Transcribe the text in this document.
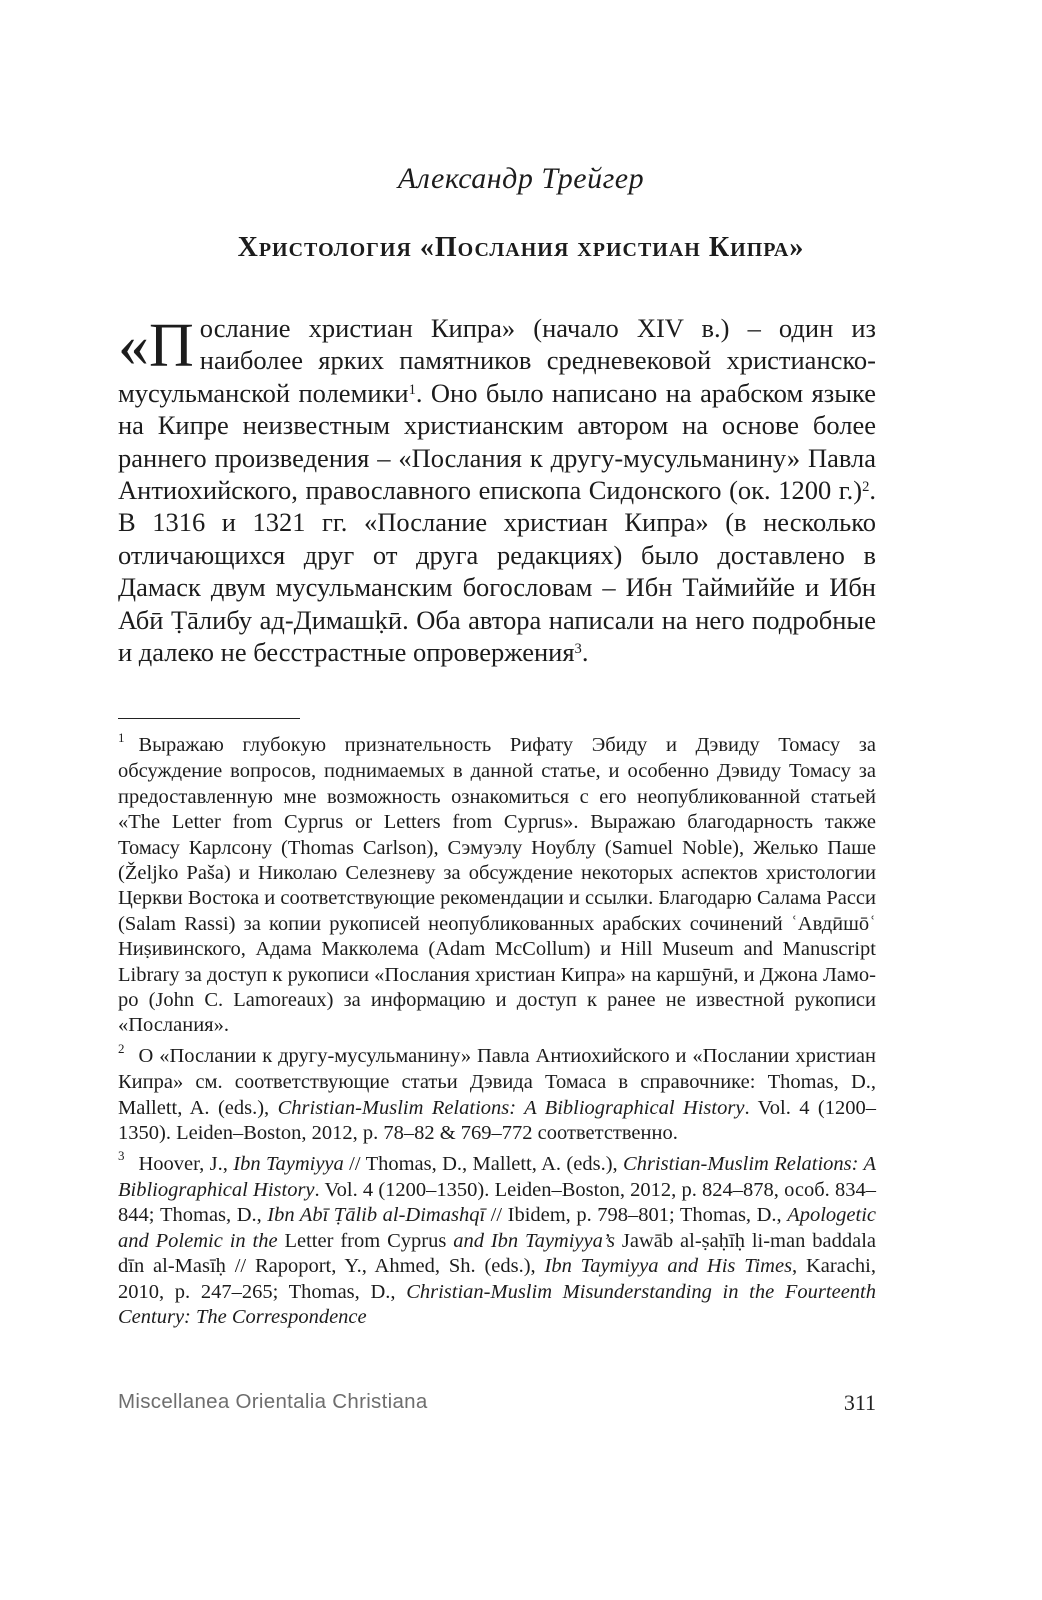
Александр Трейгер
Христология «Послания христиан Кипра»
«Послание христиан Кипра» (начало XIV в.) – один из наиболее ярких памятников средневековой христианско-мусульманской полемики$^1$. Оно было написано на арабском языке на Кипре неизвестным христианским автором на основе более раннего произведения – «Послания к другу-мусульманину» Павла Антиохийского, православного епископа Сидонского (ок. 1200 г.)$^2$. В 1316 и 1321 гг. «Послание христиан Кипра» (в несколько отличающихся друг от друга редакциях) было доставлено в Дамаск двум мусульманским богословам – Ибн Таймиййе и Ибн Абӣ Ṭāлибу ад-Димашḳӣ. Оба автора написали на него подробные и далеко не бесстрастные опровержения$^3$.
$^1$ Выражаю глубокую признательность Рифату Эбиду и Дэвиду Томасу за обсуждение вопросов, поднимаемых в данной статье, и особенно Дэвиду Томасу за предоставленную мне возможность ознакомиться с его неопубликованной статьей «The Letter from Cyprus or Letters from Cyprus». Выражаю благодарность также Томасу Карлсону (Thomas Carlson), Сэмуэлу Ноублу (Samuel Noble), Желько Паше (Željko Paša) и Николаю Селезневу за обсуждение некоторых аспектов христологии Церкви Востока и соответствующие рекомендации и ссылки. Благодарю Салама Расси (Salam Rassi) за копии рукописей неопубликованных арабских сочинений ʿАвдӣшōʿ Ниṣивинского, Адама Макколема (Adam McCollum) и Hill Museum and Manuscript Library за доступ к рукописи «Послания христиан Кипра» на каршӯнӣ, и Джона Ламоро (John C. Lamoreaux) за информацию и доступ к ранее не известной рукописи «Послания».
$^2$ О «Послании к другу-мусульманину» Павла Антиохийского и «Послании христиан Кипра» см. соответствующие статьи Дэвида Томаса в справочнике: Thomas, D., Mallett, A. (eds.), Christian-Muslim Relations: A Bibliographical History. Vol. 4 (1200–1350). Leiden–Boston, 2012, p. 78–82 & 769–772 соответственно.
$^3$ Hoover, J., Ibn Taymiyya // Thomas, D., Mallett, A. (eds.), Christian-Muslim Relations: A Bibliographical History. Vol. 4 (1200–1350). Leiden–Boston, 2012, p. 824–878, особ. 834–844; Thomas, D., Ibn Abī Ṭālib al-Dimashqī // Ibidem, p. 798–801; Thomas, D., Apologetic and Polemic in the Letter from Cyprus and Ibn Taymiyya’s Jawāb al-ṣaḥīḥ li-man baddala dīn al-Masīḥ // Rapoport, Y., Ahmed, Sh. (eds.), Ibn Taymiyya and His Times, Karachi, 2010, p. 247–265; Thomas, D., Christian-Muslim Misunderstanding in the Fourteenth Century: The Correspondence
Miscellanea Orientalia Christiana	311
